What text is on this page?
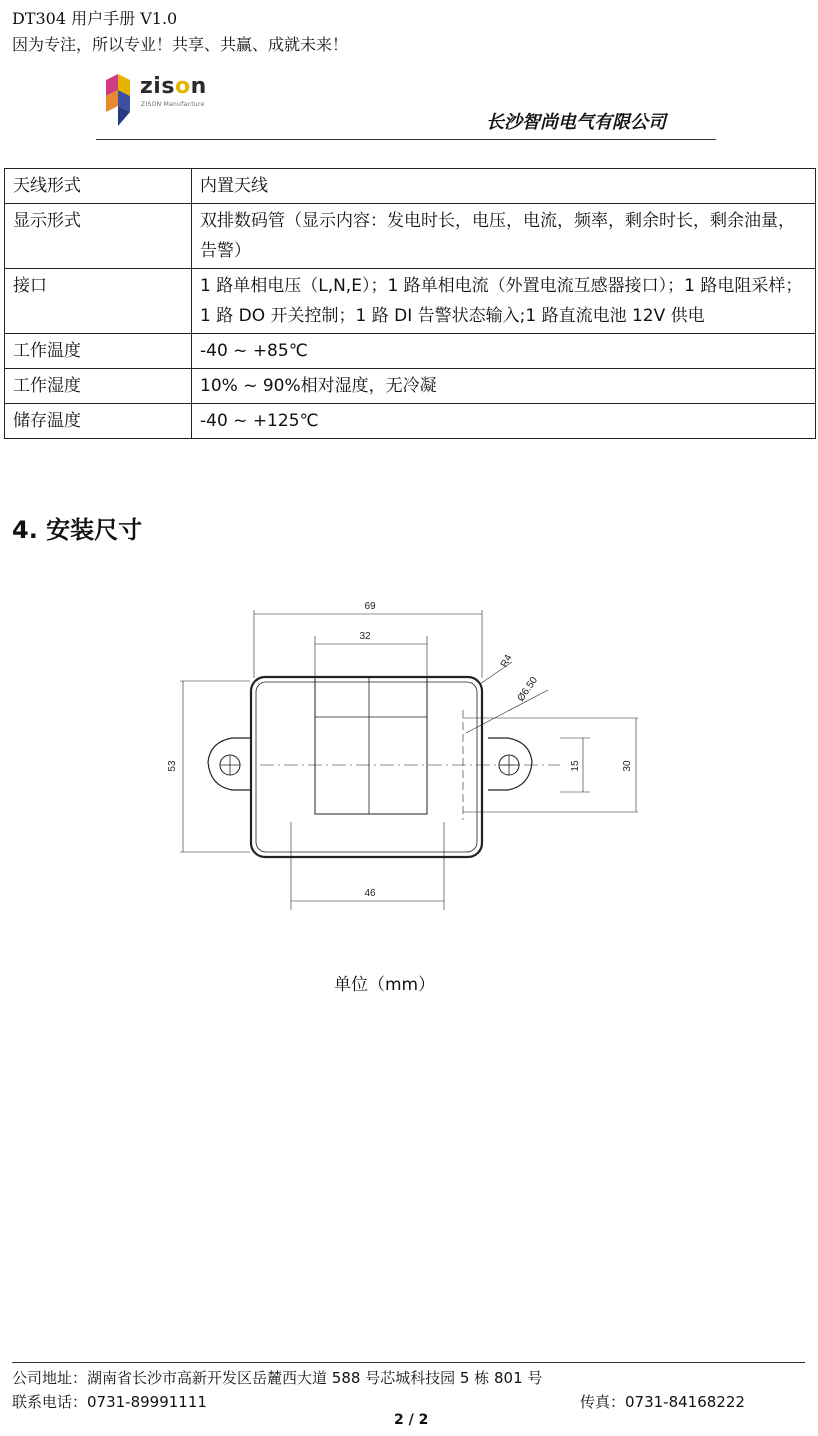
DT304 用户手册 V1.0
因为专注，所以专业！共享、共赢、成就未来！
zison
ZISON Manufacture
长沙智尚电气有限公司
天线形式	内置天线
显示形式	双排数码管（显示内容：发电时长，电压，电流，频率，剩余时长，剩余油量，告警）
接口	1 路单相电压（L,N,E）；1 路单相电流（外置电流互感器接口）；1 路电阻采样；1 路 DO 开关控制；1 路 DI 告警状态输入;1 路直流电池 12V 供电
工作温度	-40 ~ +85℃
工作湿度	10% ~ 90%相对湿度，无冷凝
储存温度	-40 ~ +125℃
4. 安装尺寸
69
32
R4
Ø6.50
53	15	30
46
单位（mm）
公司地址：湖南省长沙市高新开发区岳麓西大道 588 号芯城科技园 5 栋 801 号
联系电话：0731-89991111	传真：0731-84168222
2 / 2
